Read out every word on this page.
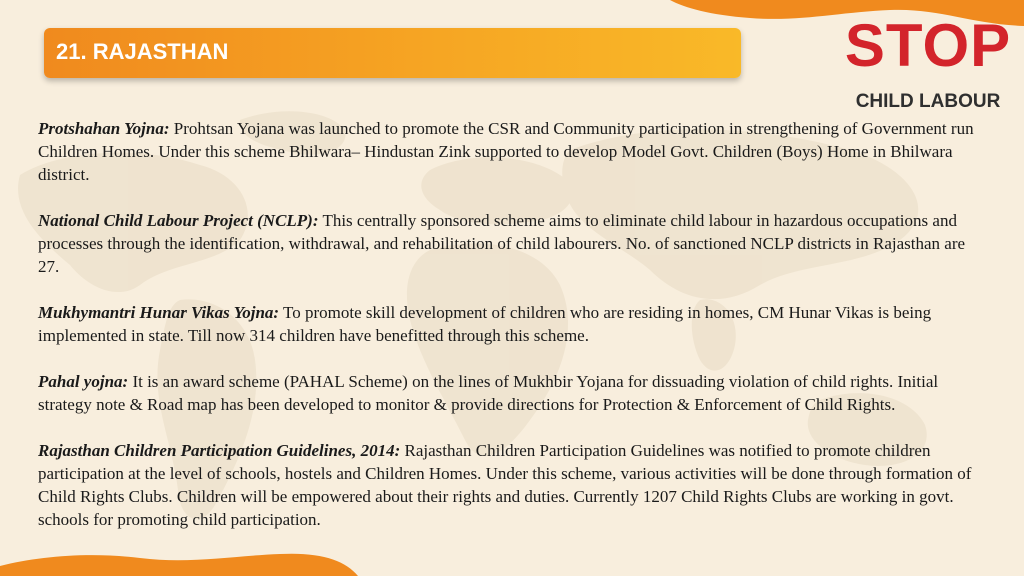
21. RAJASTHAN	STOP
CHILD LABOUR

Protshahan Yojna: Prohtsan Yojana was launched to promote the CSR and Community participation in strengthening of Government run Children Homes. Under this scheme Bhilwara– Hindustan Zink supported to develop Model Govt. Children (Boys) Home in Bhilwara district.

National Child Labour Project (NCLP): This centrally sponsored scheme aims to eliminate child labour in hazardous occupations and processes through the identification, withdrawal, and rehabilitation of child labourers. No. of sanctioned NCLP districts in Rajasthan are 27.

Mukhymantri Hunar Vikas Yojna: To promote skill development of children who are residing in homes, CM Hunar Vikas is being implemented in state. Till now 314 children have benefitted through this scheme.

Pahal yojna: It is an award scheme (PAHAL Scheme) on the lines of Mukhbir Yojana for dissuading violation of child rights. Initial strategy note & Road map has been developed to monitor & provide directions for Protection & Enforcement of Child Rights.

Rajasthan Children Participation Guidelines, 2014: Rajasthan Children Participation Guidelines was notified to promote children participation at the level of schools, hostels and Children Homes. Under this scheme, various activities will be done through formation of Child Rights Clubs. Children will be empowered about their rights and duties. Currently 1207 Child Rights Clubs are working in govt. schools for promoting child participation.
